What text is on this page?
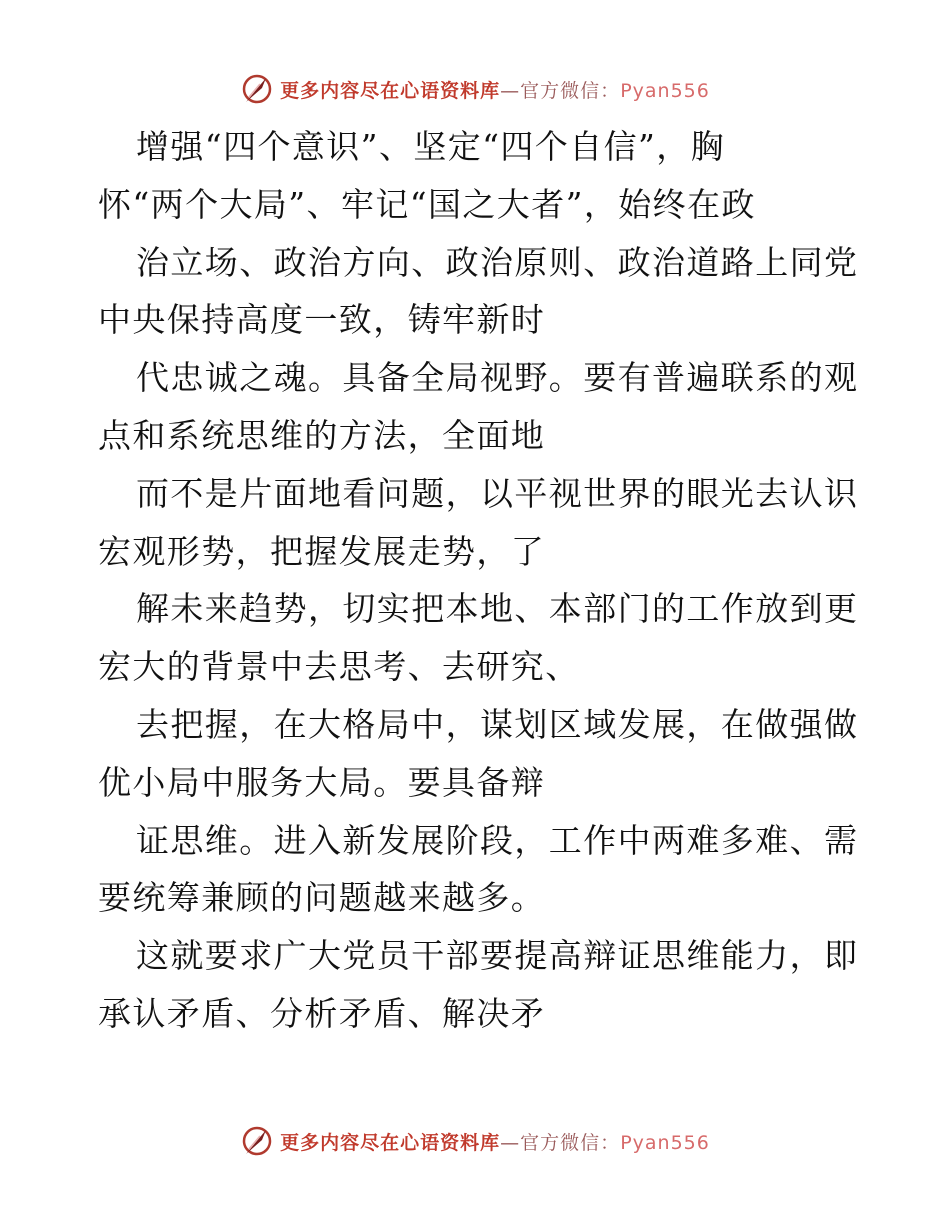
更多内容尽在心语资料库 —官方微信：Pyan556
增强“四个意识”、坚定“四个自信”，胸
怀“两个大局”、牢记“国之大者”，始终在政
治立场、政治方向、政治原则、政治道路上同党
中央保持高度一致，铸牢新时
代忠诚之魂。具备全局视野。要有普遍联系的观
点和系统思维的方法，全面地
而不是片面地看问题，以平视世界的眼光去认识
宏观形势，把握发展走势，了
解未来趋势，切实把本地、本部门的工作放到更
宏大的背景中去思考、去研究、
去把握，在大格局中，谋划区域发展，在做强做
优小局中服务大局。要具备辩
证思维。进入新发展阶段，工作中两难多难、需
要统筹兼顾的问题越来越多。
这就要求广大党员干部要提高辩证思维能力，即
承认矛盾、分析矛盾、解决矛
更多内容尽在心语资料库 —官方微信：Pyan556
